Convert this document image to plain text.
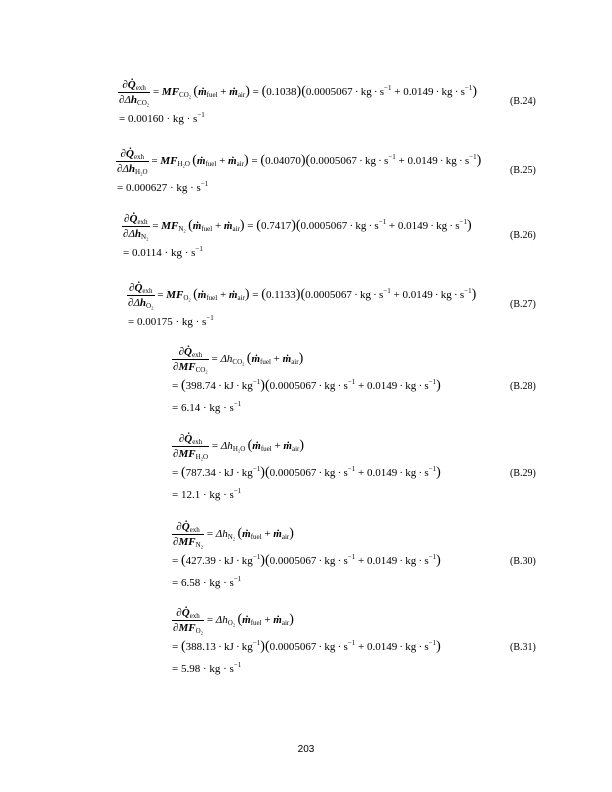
$\frac{\partial Q̇_{exh}}{\partial\Delta h_{CO_2}} = MF_{CO_2}$  (ṁ$_{fuel}$ + ṁ$_{air}$) = (0.1038)(0.0005067 · kg · $s^{-1} + 0.0149$ · kg · $s^{-1}$)
= 0.00160 · kg · $s^{-1}$
(B.24)
$\frac{\partial Q̇_{exh}}{\partial\Delta h_{H_2O}} = MF_{H_2O}$  (ṁ$_{fuel}$ + ṁ$_{air}$) = (0.04070)(0.0005067 · kg · $s^{-1} + 0.0149$ · kg · $s^{-1}$)
= 0.000627 · kg · $s^{-1}$
(B.25)
$\frac{\partial Q̇_{exh}}{\partial\Delta h_{N_2}} = MF_{N_2}$  (ṁ$_{fuel}$ + ṁ$_{air}$) = (0.7417)(0.0005067 · kg · $s^{-1} + 0.0149$ · kg · $s^{-1}$)
= 0.0114 · kg · $s^{-1}$
(B.26)
$\frac{\partial Q̇_{exh}}{\partial\Delta h_{O_2}} = MF_{O_2}$  (ṁ$_{fuel}$ + ṁ$_{air}$) = (0.1133)(0.0005067 · kg · $s^{-1} + 0.0149$ · kg · $s^{-1}$)
= 0.00175 · kg · $s^{-1}$
(B.27)
$\frac{\partial Q̇_{exh}}{\partial MF_{CO_2}} = \Delta h_{CO_2}$  (ṁ$_{fuel}$ + ṁ$_{air}$)
= (398.74 · kJ · $kg^{-1})(0.0005067$ · kg · $s^{-1} + 0.0149$ · kg · $s^{-1}$)
= 6.14 · kg · $s^{-1}$
(B.28)
$\frac{\partial Q̇_{exh}}{\partial MF_{H_2O}} = \Delta h_{H_2O}$  (ṁ$_{fuel}$ + ṁ$_{air}$)
= (787.34 · kJ · $kg^{-1})(0.0005067$ · kg · $s^{-1} + 0.0149$ · kg · $s^{-1}$)
= 12.1 · kg · $s^{-1}$
(B.29)
$\frac{\partial Q̇_{exh}}{\partial MF_{N_2}} = \Delta h_{N_2}$  (ṁ$_{fuel}$ + ṁ$_{air}$)
= (427.39 · kJ · $kg^{-1})(0.0005067$ · kg · $s^{-1} + 0.0149$ · kg · $s^{-1}$)
= 6.58 · kg · $s^{-1}$
(B.30)
$\frac{\partial Q̇_{exh}}{\partial MF_{O_2}} = \Delta h_{O_2}$  (ṁ$_{fuel}$ + ṁ$_{air}$)
= (388.13 · kJ · $kg^{-1})(0.0005067$ · kg · $s^{-1} + 0.0149$ · kg · $s^{-1}$)
= 5.98 · kg · $s^{-1}$
(B.31)
203
